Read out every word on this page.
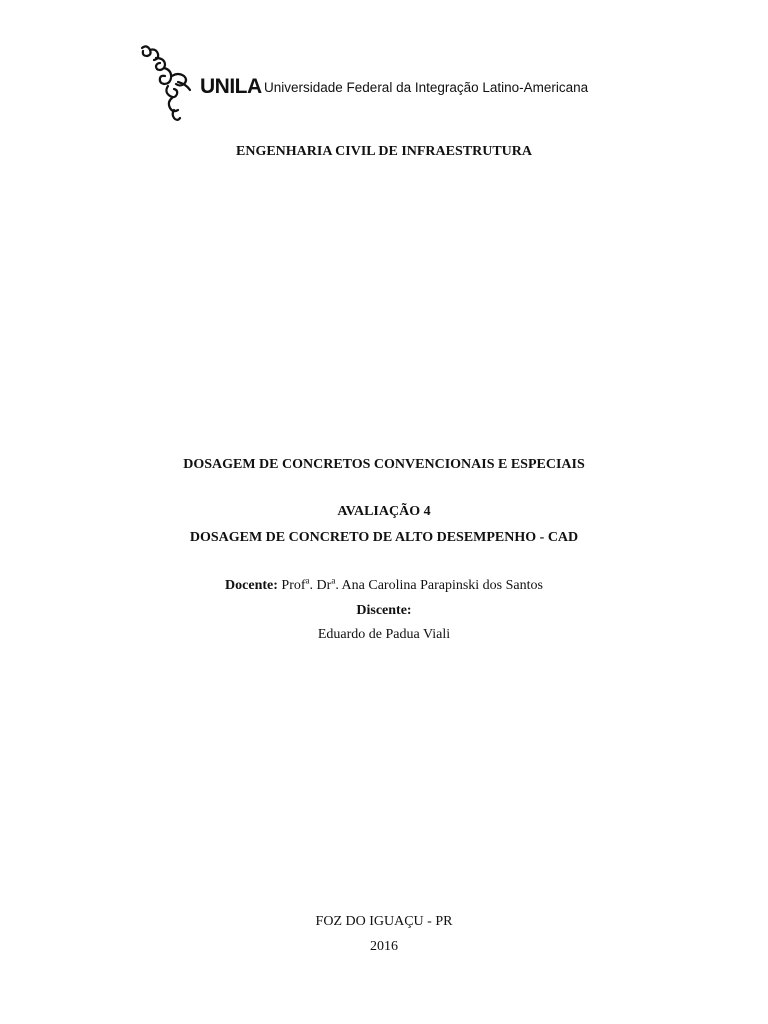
UNILA Universidade Federal da Integração Latino-Americana
ENGENHARIA CIVIL DE INFRAESTRUTURA
DOSAGEM DE CONCRETOS CONVENCIONAIS E ESPECIAIS
AVALIAÇÃO 4
DOSAGEM DE CONCRETO DE ALTO DESEMPENHO - CAD
Docente: Prof$^a$. Dr$^a$. Ana Carolina Parapinski dos Santos
Discente:
Eduardo de Padua Viali
FOZ DO IGUAÇU - PR
2016
